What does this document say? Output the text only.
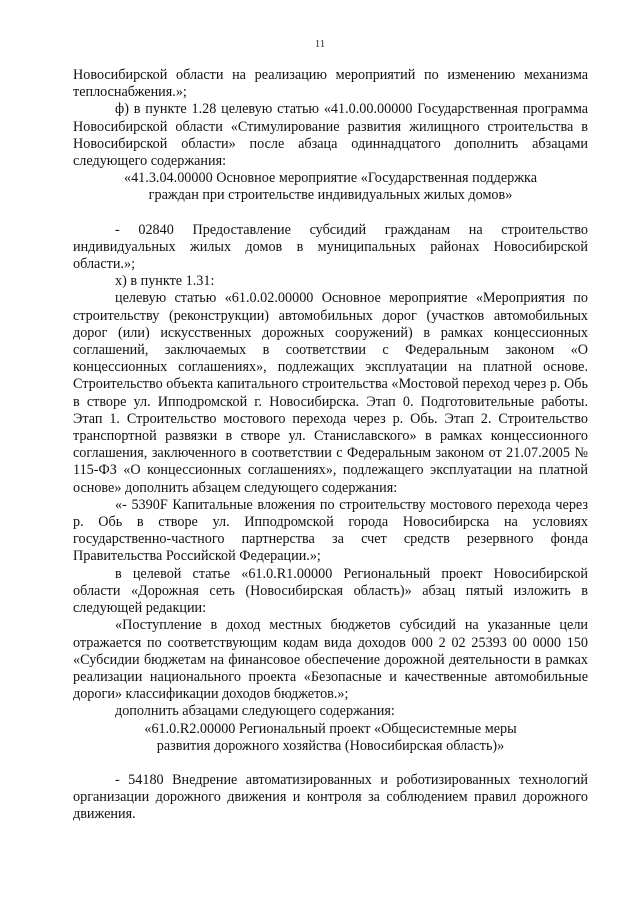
11

Новосибирской области на реализацию мероприятий по изменению механизма теплоснабжения.»;

ф) в пункте 1.28 целевую статью «41.0.00.00000 Государственная программа Новосибирской области «Стимулирование развития жилищного строительства в Новосибирской области» после абзаца одиннадцатого дополнить абзацами следующего содержания:

«41.3.04.00000 Основное мероприятие «Государственная поддержка граждан при строительстве индивидуальных жилых домов»

- 02840 Предоставление субсидий гражданам на строительство индивидуальных жилых домов в муниципальных районах Новосибирской области.»;

х) в пункте 1.31:

целевую статью «61.0.02.00000 Основное мероприятие «Мероприятия по строительству (реконструкции) автомобильных дорог (участков автомобильных дорог (или) искусственных дорожных сооружений) в рамках концессионных соглашений, заключаемых в соответствии с Федеральным законом «О концессионных соглашениях», подлежащих эксплуатации на платной основе. Строительство объекта капитального строительства «Мостовой переход через р. Обь в створе ул. Ипподромской г. Новосибирска. Этап 0. Подготовительные работы. Этап 1. Строительство мостового перехода через р. Обь. Этап 2. Строительство транспортной развязки в створе ул. Станиславского» в рамках концессионного соглашения, заключенного в соответствии с Федеральным законом от 21.07.2005 № 115-ФЗ «О концессионных соглашениях», подлежащего эксплуатации на платной основе» дополнить абзацем следующего содержания:

«- 5390F Капитальные вложения по строительству мостового перехода через р. Обь в створе ул. Ипподромской города Новосибирска на условиях государственно-частного партнерства за счет средств резервного фонда Правительства Российской Федерации.»;

в целевой статье «61.0.R1.00000 Региональный проект Новосибирской области «Дорожная сеть (Новосибирская область)» абзац пятый изложить в следующей редакции:

«Поступление в доход местных бюджетов субсидий на указанные цели отражается по соответствующим кодам вида доходов 000 2 02 25393 00 0000 150 «Субсидии бюджетам на финансовое обеспечение дорожной деятельности в рамках реализации национального проекта «Безопасные и качественные автомобильные дороги» классификации доходов бюджетов.»;

дополнить абзацами следующего содержания:

«61.0.R2.00000 Региональный проект «Общесистемные меры развития дорожного хозяйства (Новосибирская область)»

- 54180 Внедрение автоматизированных и роботизированных технологий организации дорожного движения и контроля за соблюдением правил дорожного движения.
